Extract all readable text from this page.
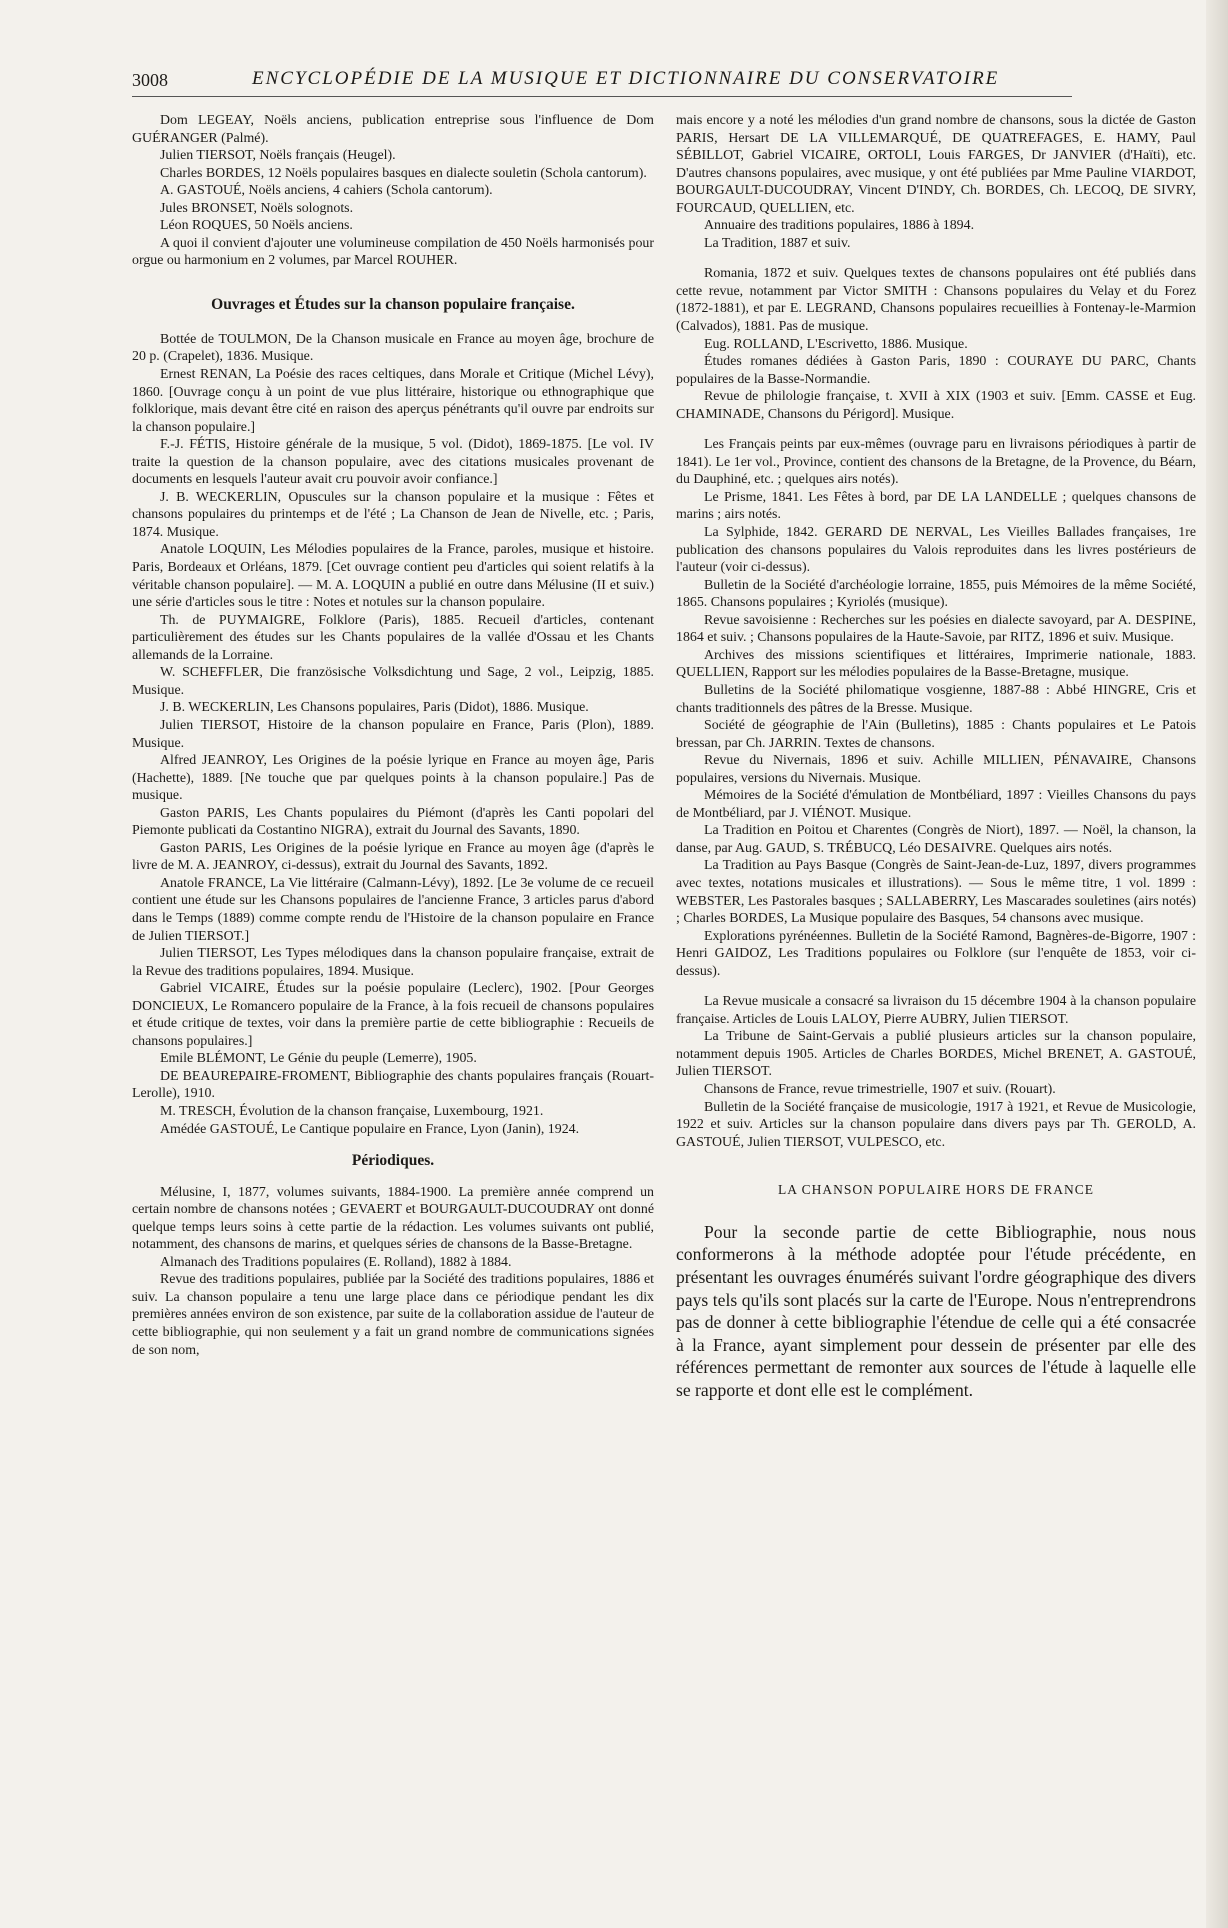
3008	ENCYCLOPÉDIE DE LA MUSIQUE ET DICTIONNAIRE DU CONSERVATOIRE

Dom LEGEAY, Noëls anciens, publication entreprise sous l'influence de Dom GUÉRANGER (Palmé).

Julien TIERSOT, Noëls français (Heugel).

Charles BORDES, 12 Noëls populaires basques en dialecte souletin (Schola cantorum).

A. GASTOUÉ, Noëls anciens, 4 cahiers (Schola cantorum).

Jules BRONSET, Noëls solognots.

Léon ROQUES, 50 Noëls anciens.

A quoi il convient d'ajouter une volumineuse compilation de 450 Noëls harmonisés pour orgue ou harmonium en 2 volumes, par Marcel ROUHER.

Ouvrages et Études sur la chanson populaire française.

Bottée de TOULMON, De la Chanson musicale en France au moyen âge, brochure de 20 p. (Crapelet), 1836. Musique.

Ernest RENAN, La Poésie des races celtiques, dans Morale et Critique (Michel Lévy), 1860. [Ouvrage conçu à un point de vue plus littéraire, historique ou ethnographique que folklorique, mais devant être cité en raison des aperçus pénétrants qu'il ouvre par endroits sur la chanson populaire.]

F.-J. FÉTIS, Histoire générale de la musique, 5 vol. (Didot), 1869-1875. [Le vol. IV traite la question de la chanson populaire, avec des citations musicales provenant de documents en lesquels l'auteur avait cru pouvoir avoir confiance.]

J. B. WECKERLIN, Opuscules sur la chanson populaire et la musique : Fêtes et chansons populaires du printemps et de l'été ; La Chanson de Jean de Nivelle, etc. ; Paris, 1874. Musique.

Anatole LOQUIN, Les Mélodies populaires de la France, paroles, musique et histoire. Paris, Bordeaux et Orléans, 1879. [Cet ouvrage contient peu d'articles qui soient relatifs à la véritable chanson populaire]. — M. A. LOQUIN a publié en outre dans Mélusine (II et suiv.) une série d'articles sous le titre : Notes et notules sur la chanson populaire.

Th. de PUYMAIGRE, Folklore (Paris), 1885. Recueil d'articles, contenant particulièrement des études sur les Chants populaires de la vallée d'Ossau et les Chants allemands de la Lorraine.

W. SCHEFFLER, Die französische Volksdichtung und Sage, 2 vol., Leipzig, 1885. Musique.

J. B. WECKERLIN, Les Chansons populaires, Paris (Didot), 1886. Musique.

Julien TIERSOT, Histoire de la chanson populaire en France, Paris (Plon), 1889. Musique.

Alfred JEANROY, Les Origines de la poésie lyrique en France au moyen âge, Paris (Hachette), 1889. [Ne touche que par quelques points à la chanson populaire.] Pas de musique.

Gaston PARIS, Les Chants populaires du Piémont (d'après les Canti popolari del Piemonte publicati da Costantino NIGRA), extrait du Journal des Savants, 1890.

Gaston PARIS, Les Origines de la poésie lyrique en France au moyen âge (d'après le livre de M. A. JEANROY, ci-dessus), extrait du Journal des Savants, 1892.

Anatole FRANCE, La Vie littéraire (Calmann-Lévy), 1892. [Le 3e volume de ce recueil contient une étude sur les Chansons populaires de l'ancienne France, 3 articles parus d'abord dans le Temps (1889) comme compte rendu de l'Histoire de la chanson populaire en France de Julien TIERSOT.]

Julien TIERSOT, Les Types mélodiques dans la chanson populaire française, extrait de la Revue des traditions populaires, 1894. Musique.

Gabriel VICAIRE, Études sur la poésie populaire (Leclerc), 1902. [Pour Georges DONCIEUX, Le Romancero populaire de la France, à la fois recueil de chansons populaires et étude critique de textes, voir dans la première partie de cette bibliographie : Recueils de chansons populaires.]

Emile BLÉMONT, Le Génie du peuple (Lemerre), 1905.

DE BEAUREPAIRE-FROMENT, Bibliographie des chants populaires français (Rouart-Lerolle), 1910.

M. TRESCH, Évolution de la chanson française, Luxembourg, 1921.

Amédée GASTOUÉ, Le Cantique populaire en France, Lyon (Janin), 1924.

Périodiques.

Mélusine, I, 1877, volumes suivants, 1884-1900. La première année comprend un certain nombre de chansons notées ; GEVAERT et BOURGAULT-DUCOUDRAY ont donné quelque temps leurs soins à cette partie de la rédaction. Les volumes suivants ont publié, notamment, des chansons de marins, et quelques séries de chansons de la Basse-Bretagne.

Almanach des Traditions populaires (E. Rolland), 1882 à 1884.

Revue des traditions populaires, publiée par la Société des traditions populaires, 1886 et suiv. La chanson populaire a tenu une large place dans ce périodique pendant les dix premières années environ de son existence, par suite de la collaboration assidue de l'auteur de cette bibliographie, qui non seulement y a fait un grand nombre de communications signées de son nom,

mais encore y a noté les mélodies d'un grand nombre de chansons, sous la dictée de Gaston PARIS, Hersart DE LA VILLEMARQUÉ, DE QUATREFAGES, E. HAMY, Paul SÉBILLOT, Gabriel VICAIRE, ORTOLI, Louis FARGES, Dr JANVIER (d'Haïti), etc. D'autres chansons populaires, avec musique, y ont été publiées par Mme Pauline VIARDOT, BOURGAULT-DUCOUDRAY, Vincent D'INDY, Ch. BORDES, Ch. LECOQ, DE SIVRY, FOURCAUD, QUELLIEN, etc.

Annuaire des traditions populaires, 1886 à 1894.

La Tradition, 1887 et suiv.

Romania, 1872 et suiv. Quelques textes de chansons populaires ont été publiés dans cette revue, notamment par Victor SMITH : Chansons populaires du Velay et du Forez (1872-1881), et par E. LEGRAND, Chansons populaires recueillies à Fontenay-le-Marmion (Calvados), 1881. Pas de musique.

Eug. ROLLAND, L'Escrivetto, 1886. Musique.

Études romanes dédiées à Gaston Paris, 1890 : COURAYE DU PARC, Chants populaires de la Basse-Normandie.

Revue de philologie française, t. XVII à XIX (1903 et suiv. [Emm. CASSE et Eug. CHAMINADE, Chansons du Périgord]. Musique.

Les Français peints par eux-mêmes (ouvrage paru en livraisons périodiques à partir de 1841). Le 1er vol., Province, contient des chansons de la Bretagne, de la Provence, du Béarn, du Dauphiné, etc. ; quelques airs notés).

Le Prisme, 1841. Les Fêtes à bord, par DE LA LANDELLE ; quelques chansons de marins ; airs notés.

La Sylphide, 1842. GERARD DE NERVAL, Les Vieilles Ballades françaises, 1re publication des chansons populaires du Valois reproduites dans les livres postérieurs de l'auteur (voir ci-dessus).

Bulletin de la Société d'archéologie lorraine, 1855, puis Mémoires de la même Société, 1865. Chansons populaires ; Kyriolés (musique).

Revue savoisienne : Recherches sur les poésies en dialecte savoyard, par A. DESPINE, 1864 et suiv. ; Chansons populaires de la Haute-Savoie, par RITZ, 1896 et suiv. Musique.

Archives des missions scientifiques et littéraires, Imprimerie nationale, 1883. QUELLIEN, Rapport sur les mélodies populaires de la Basse-Bretagne, musique.

Bulletins de la Société philomatique vosgienne, 1887-88 : Abbé HINGRE, Cris et chants traditionnels des pâtres de la Bresse. Musique.

Société de géographie de l'Ain (Bulletins), 1885 : Chants populaires et Le Patois bressan, par Ch. JARRIN. Textes de chansons.

Revue du Nivernais, 1896 et suiv. Achille MILLIEN, PÉNAVAIRE, Chansons populaires, versions du Nivernais. Musique.

Mémoires de la Société d'émulation de Montbéliard, 1897 : Vieilles Chansons du pays de Montbéliard, par J. VIÉNOT. Musique.

La Tradition en Poitou et Charentes (Congrès de Niort), 1897. — Noël, la chanson, la danse, par Aug. GAUD, S. TRÉBUCQ, Léo DESAIVRE. Quelques airs notés.

La Tradition au Pays Basque (Congrès de Saint-Jean-de-Luz, 1897, divers programmes avec textes, notations musicales et illustrations). — Sous le même titre, 1 vol. 1899 : WEBSTER, Les Pastorales basques ; SALLABERRY, Les Mascarades souletines (airs notés) ; Charles BORDES, La Musique populaire des Basques, 54 chansons avec musique.

Explorations pyrénéennes. Bulletin de la Société Ramond, Bagnères-de-Bigorre, 1907 : Henri GAIDOZ, Les Traditions populaires ou Folklore (sur l'enquête de 1853, voir ci-dessus).

La Revue musicale a consacré sa livraison du 15 décembre 1904 à la chanson populaire française. Articles de Louis LALOY, Pierre AUBRY, Julien TIERSOT.

La Tribune de Saint-Gervais a publié plusieurs articles sur la chanson populaire, notamment depuis 1905. Articles de Charles BORDES, Michel BRENET, A. GASTOUÉ, Julien TIERSOT.

Chansons de France, revue trimestrielle, 1907 et suiv. (Rouart).

Bulletin de la Société française de musicologie, 1917 à 1921, et Revue de Musicologie, 1922 et suiv. Articles sur la chanson populaire dans divers pays par Th. GEROLD, A. GASTOUÉ, Julien TIERSOT, VULPESCO, etc.

LA CHANSON POPULAIRE HORS DE FRANCE

Pour la seconde partie de cette Bibliographie, nous nous conformerons à la méthode adoptée pour l'étude précédente, en présentant les ouvrages énumérés suivant l'ordre géographique des divers pays tels qu'ils sont placés sur la carte de l'Europe. Nous n'entreprendrons pas de donner à cette bibliographie l'étendue de celle qui a été consacrée à la France, ayant simplement pour dessein de présenter par elle des références permettant de remonter aux sources de l'étude à laquelle elle se rapporte et dont elle est le complément.
